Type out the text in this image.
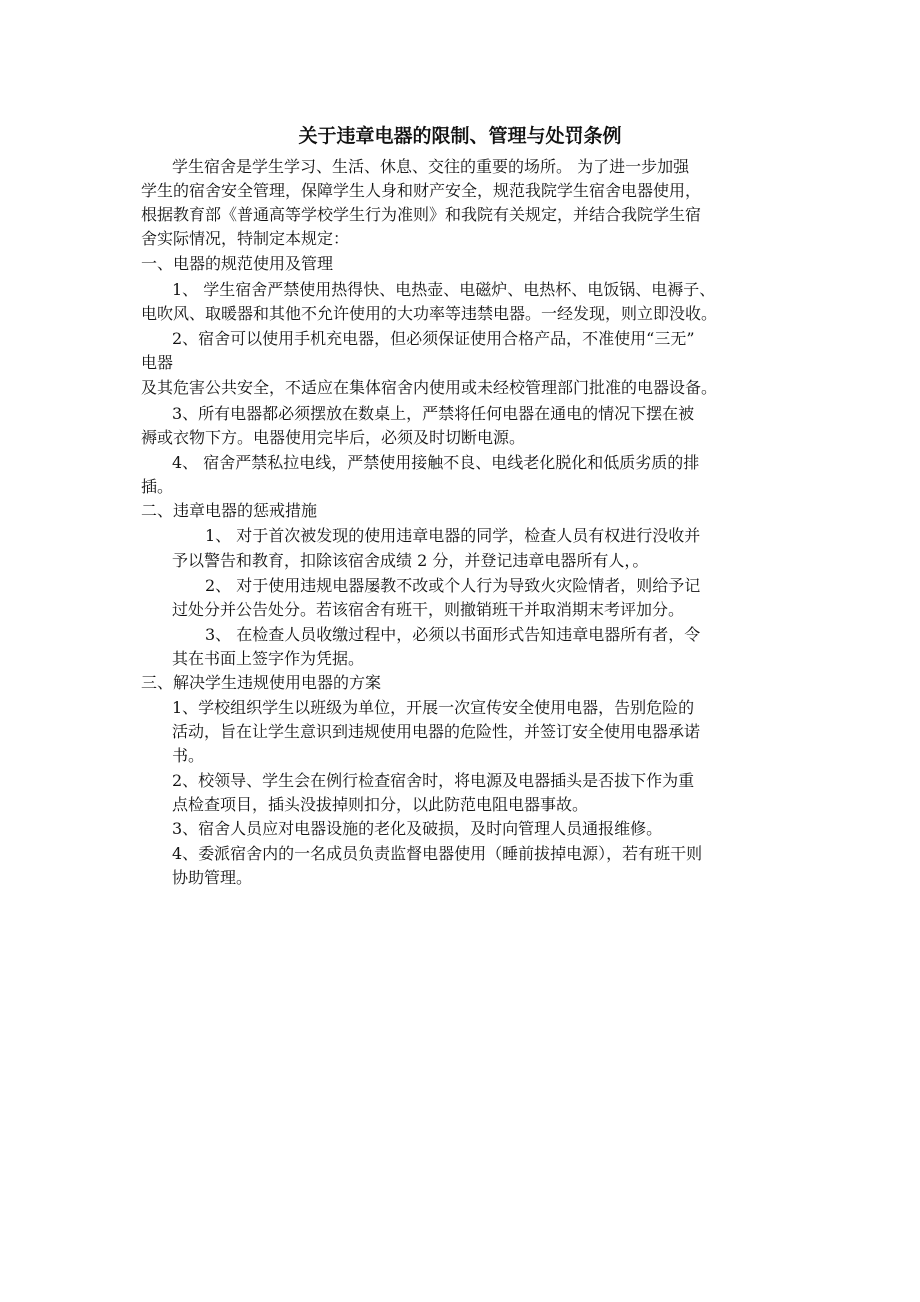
关于违章电器的限制、管理与处罚条例
学生宿舍是学生学习、生活、休息、交往的重要的场所。 为了进一步加强
学生的宿舍安全管理，保障学生人身和财产安全，规范我院学生宿舍电器使用，
根据教育部《普通高等学校学生行为准则》和我院有关规定，并结合我院学生宿
舍实际情况，特制定本规定：
一、电器的规范使用及管理
1、 学生宿舍严禁使用热得快、电热壶、电磁炉、电热杯、电饭锅、电褥子、
电吹风、取暖器和其他不允许使用的大功率等违禁电器。一经发现，则立即没收。
2、宿舍可以使用手机充电器，但必须保证使用合格产品，不准使用“三无”
电器
及其危害公共安全，不适应在集体宿舍内使用或未经校管理部门批准的电器设备。
3、所有电器都必须摆放在数桌上，严禁将任何电器在通电的情况下摆在被
褥或衣物下方。电器使用完毕后，必须及时切断电源。
4、 宿舍严禁私拉电线，严禁使用接触不良、电线老化脱化和低质劣质的排
插。
二、违章电器的惩戒措施
1、 对于首次被发现的使用违章电器的同学，检查人员有权进行没收并
予以警告和教育，扣除该宿舍成绩 2 分，并登记违章电器所有人，。
2、 对于使用违规电器屡教不改或个人行为导致火灾险情者，则给予记
过处分并公告处分。若该宿舍有班干，则撤销班干并取消期末考评加分。
3、 在检查人员收缴过程中，必须以书面形式告知违章电器所有者，令
其在书面上签字作为凭据。
三、解决学生违规使用电器的方案
1、学校组织学生以班级为单位，开展一次宣传安全使用电器，告别危险的
活动，旨在让学生意识到违规使用电器的危险性，并签订安全使用电器承诺
书。
2、校领导、学生会在例行检查宿舍时，将电源及电器插头是否拔下作为重
点检查项目，插头没拔掉则扣分，以此防范电阻电器事故。
3、宿舍人员应对电器设施的老化及破损，及时向管理人员通报维修。
4、委派宿舍内的一名成员负责监督电器使用（睡前拔掉电源），若有班干则
协助管理。
